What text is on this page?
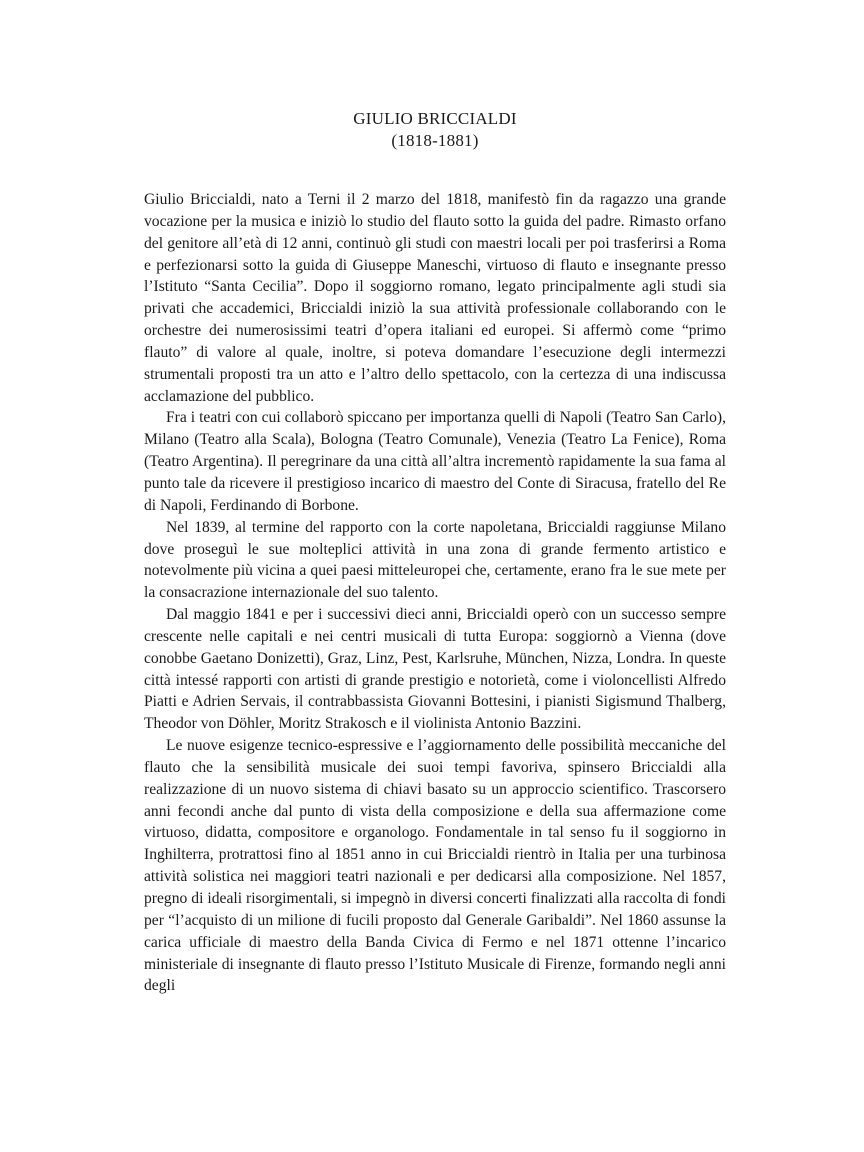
GIULIO BRICCIALDI
(1818-1881)

Giulio Briccialdi, nato a Terni il 2 marzo del 1818, manifestò fin da ragazzo una grande vocazione per la musica e iniziò lo studio del flauto sotto la guida del padre. Rimasto orfano del genitore all’età di 12 anni, continuò gli studi con maestri locali per poi trasferirsi a Roma e perfezionarsi sotto la guida di Giuseppe Maneschi, virtuoso di flauto e insegnante presso l’Istituto “Santa Cecilia”. Dopo il soggiorno romano, legato principalmente agli studi sia privati che accademici, Briccialdi iniziò la sua attività professionale collaborando con le orchestre dei numerosissimi teatri d’opera italiani ed europei. Si affermò come “primo flauto” di valore al quale, inoltre, si poteva domandare l’esecuzione degli intermezzi strumentali proposti tra un atto e l’altro dello spettacolo, con la certezza di una indiscussa acclamazione del pubblico.

Fra i teatri con cui collaborò spiccano per importanza quelli di Napoli (Teatro San Carlo), Milano (Teatro alla Scala), Bologna (Teatro Comunale), Venezia (Teatro La Fenice), Roma (Teatro Argentina). Il peregrinare da una città all’altra incrementò rapidamente la sua fama al punto tale da ricevere il prestigioso incarico di maestro del Conte di Siracusa, fratello del Re di Napoli, Ferdinando di Borbone.

Nel 1839, al termine del rapporto con la corte napoletana, Briccialdi raggiunse Milano dove proseguì le sue molteplici attività in una zona di grande fermento artistico e notevolmente più vicina a quei paesi mitteleuropei che, certamente, erano fra le sue mete per la consacrazione internazionale del suo talento.

Dal maggio 1841 e per i successivi dieci anni, Briccialdi operò con un successo sempre crescente nelle capitali e nei centri musicali di tutta Europa: soggiornò a Vienna (dove conobbe Gaetano Donizetti), Graz, Linz, Pest, Karlsruhe, München, Nizza, Londra. In queste città intessé rapporti con artisti di grande prestigio e notorietà, come i violoncellisti Alfredo Piatti e Adrien Servais, il contrabbassista Giovanni Bottesini, i pianisti Sigismund Thalberg, Theodor von Döhler, Moritz Strakosch e il violinista Antonio Bazzini.

Le nuove esigenze tecnico-espressive e l’aggiornamento delle possibilità meccaniche del flauto che la sensibilità musicale dei suoi tempi favoriva, spinsero Briccialdi alla realizzazione di un nuovo sistema di chiavi basato su un approccio scientifico. Trascorsero anni fecondi anche dal punto di vista della composizione e della sua affermazione come virtuoso, didatta, compositore e organologo. Fondamentale in tal senso fu il soggiorno in Inghilterra, protrattosi fino al 1851 anno in cui Briccialdi rientrò in Italia per una turbinosa attività solistica nei maggiori teatri nazionali e per dedicarsi alla composizione. Nel 1857, pregno di ideali risorgimentali, si impegnò in diversi concerti finalizzati alla raccolta di fondi per “l’acquisto di un milione di fucili proposto dal Generale Garibaldi”. Nel 1860 assunse la carica ufficiale di maestro della Banda Civica di Fermo e nel 1871 ottenne l’incarico ministeriale di insegnante di flauto presso l’Istituto Musicale di Firenze, formando negli anni degli
